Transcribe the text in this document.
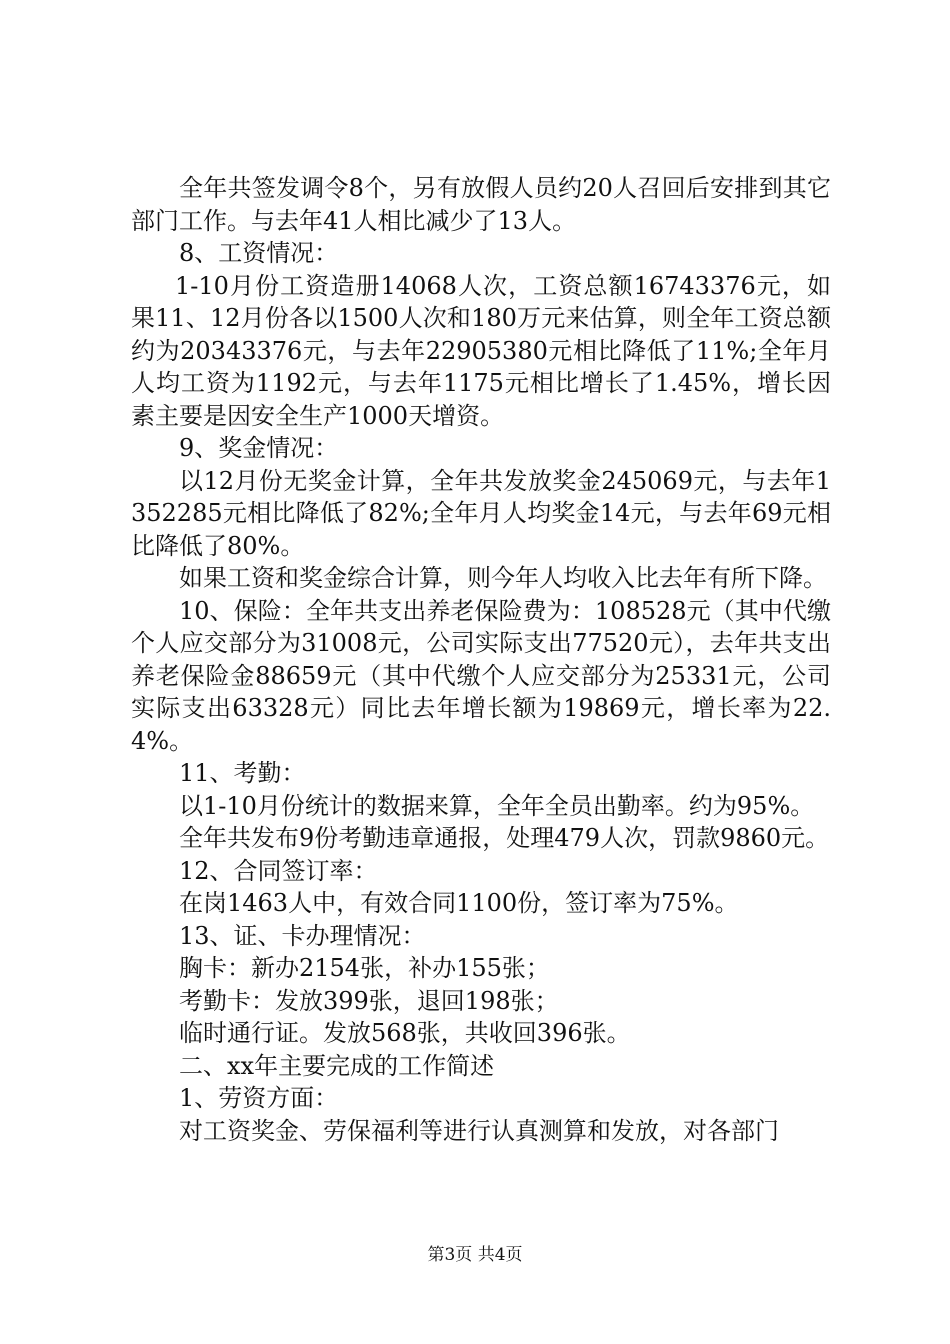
全年共签发调令8个，另有放假人员约20人召回后安排到其它部门工作。与去年41人相比减少了13人。

8、工资情况：

1-10月份工资造册14068人次，工资总额16743376元，如果11、12月份各以1500人次和180万元来估算，则全年工资总额约为20343376元，与去年22905380元相比降低了11%;全年月人均工资为1192元，与去年1175元相比增长了1.45%，增长因素主要是因安全生产1000天增资。

9、奖金情况：

以12月份无奖金计算，全年共发放奖金245069元，与去年1352285元相比降低了82%;全年月人均奖金14元，与去年69元相比降低了80%。

如果工资和奖金综合计算，则今年人均收入比去年有所下降。

10、保险：全年共支出养老保险费为：108528元（其中代缴个人应交部分为31008元，公司实际支出77520元），去年共支出养老保险金88659元（其中代缴个人应交部分为25331元，公司实际支出63328元）同比去年增长额为19869元，增长率为22.4%。

11、考勤：

以1-10月份统计的数据来算，全年全员出勤率。约为95%。

全年共发布9份考勤违章通报，处理479人次，罚款9860元。

12、合同签订率：

在岗1463人中，有效合同1100份，签订率为75%。

13、证、卡办理情况：

胸卡：新办2154张，补办155张；

考勤卡：发放399张，退回198张；

临时通行证。发放568张，共收回396张。

二、xx年主要完成的工作简述

1、劳资方面：

对工资奖金、劳保福利等进行认真测算和发放，对各部门

第3页 共4页
